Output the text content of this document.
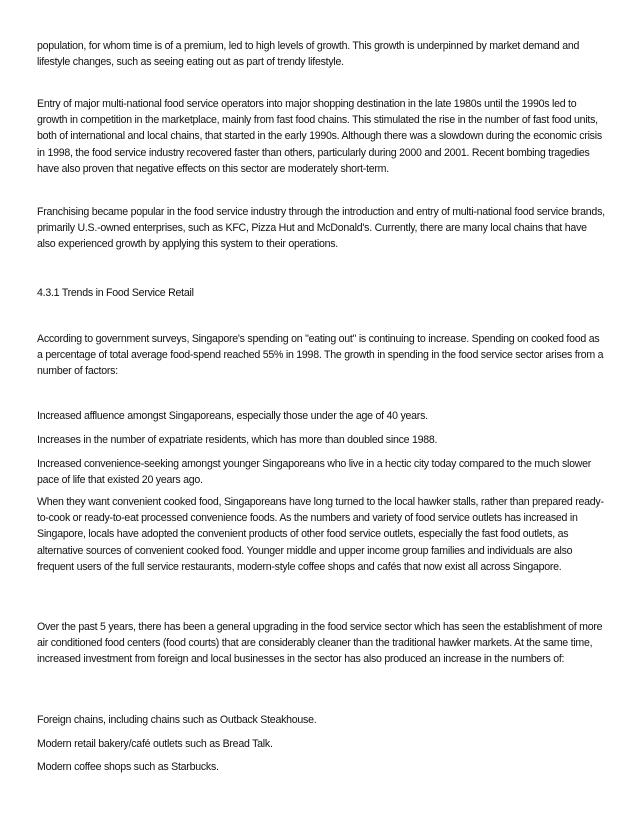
population, for whom time is of a premium, led to high levels of growth. This growth is underpinned by market demand and lifestyle changes, such as seeing eating out as part of trendy lifestyle.

Entry of major multi-national food service operators into major shopping destination in the late 1980s until the 1990s led to growth in competition in the marketplace, mainly from fast food chains. This stimulated the rise in the number of fast food units, both of international and local chains, that started in the early 1990s. Although there was a slowdown during the economic crisis in 1998, the food service industry recovered faster than others, particularly during 2000 and 2001. Recent bombing tragedies have also proven that negative effects on this sector are moderately short-term.

Franchising became popular in the food service industry through the introduction and entry of multi-national food service brands, primarily U.S.-owned enterprises, such as KFC, Pizza Hut and McDonald's. Currently, there are many local chains that have also experienced growth by applying this system to their operations.

4.3.1 Trends in Food Service Retail

According to government surveys, Singapore's spending on "eating out" is continuing to increase. Spending on cooked food as a percentage of total average food-spend reached 55% in 1998. The growth in spending in the food service sector arises from a number of factors:

Increased affluence amongst Singaporeans, especially those under the age of 40 years.

Increases in the number of expatriate residents, which has more than doubled since 1988.

Increased convenience-seeking amongst younger Singaporeans who live in a hectic city today compared to the much slower pace of life that existed 20 years ago.

When they want convenient cooked food, Singaporeans have long turned to the local hawker stalls, rather than prepared ready-to-cook or ready-to-eat processed convenience foods. As the numbers and variety of food service outlets has increased in Singapore, locals have adopted the convenient products of other food service outlets, especially the fast food outlets, as alternative sources of convenient cooked food. Younger middle and upper income group families and individuals are also frequent users of the full service restaurants, modern-style coffee shops and cafés that now exist all across Singapore.

Over the past 5 years, there has been a general upgrading in the food service sector which has seen the establishment of more air conditioned food centers (food courts) that are considerably cleaner than the traditional hawker markets. At the same time, increased investment from foreign and local businesses in the sector has also produced an increase in the numbers of:

Foreign chains, including chains such as Outback Steakhouse.

Modern retail bakery/café outlets such as Bread Talk.

Modern coffee shops such as Starbucks.
